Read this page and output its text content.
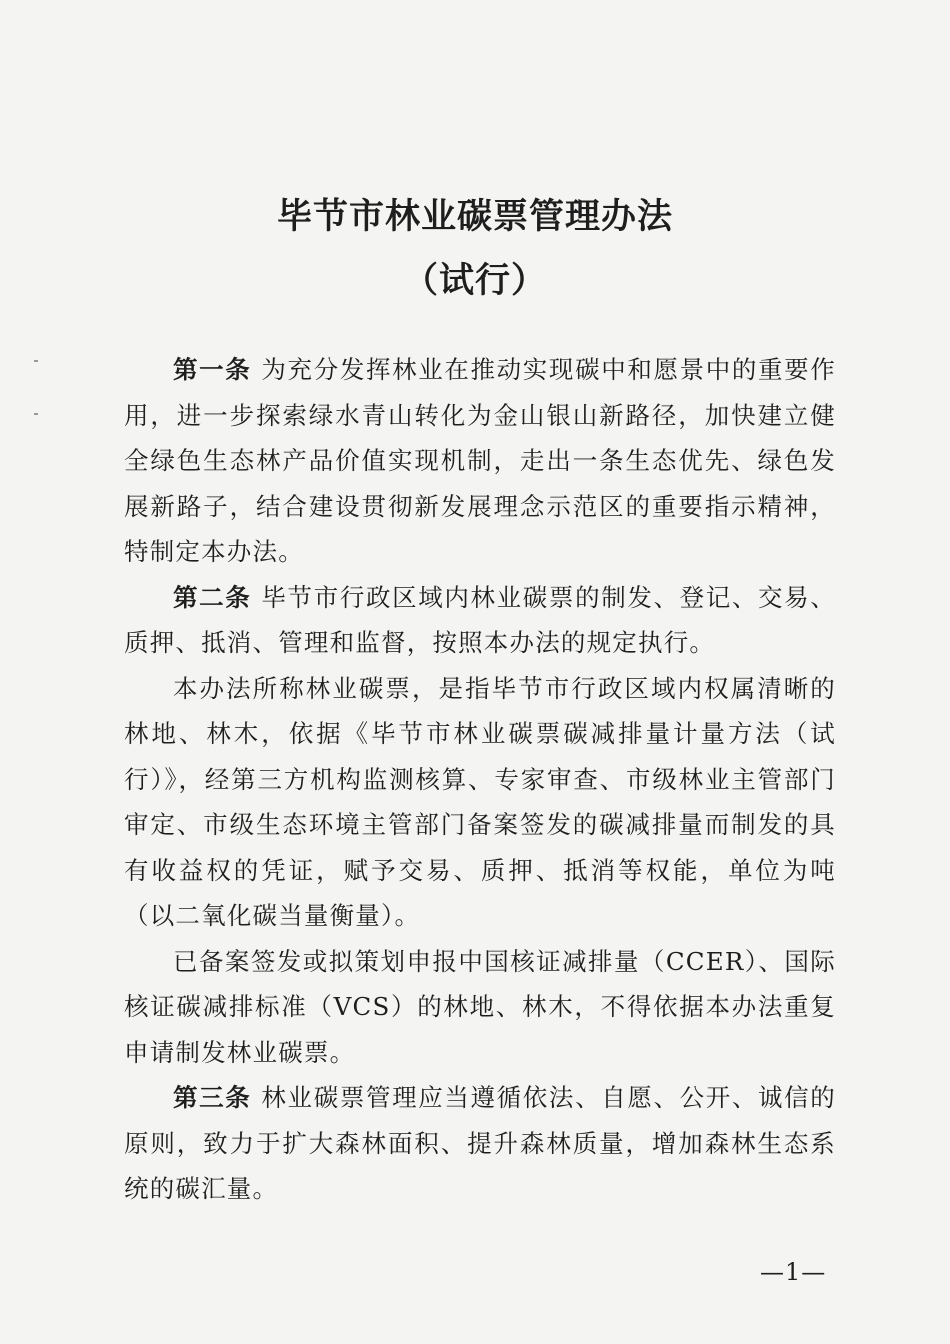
毕节市林业碳票管理办法
（试行）

第一条 为充分发挥林业在推动实现碳中和愿景中的重要作用，进一步探索绿水青山转化为金山银山新路径，加快建立健全绿色生态林产品价值实现机制，走出一条生态优先、绿色发展新路子，结合建设贯彻新发展理念示范区的重要指示精神，特制定本办法。

第二条 毕节市行政区域内林业碳票的制发、登记、交易、质押、抵消、管理和监督，按照本办法的规定执行。

本办法所称林业碳票，是指毕节市行政区域内权属清晰的林地、林木，依据《毕节市林业碳票碳减排量计量方法（试行）》，经第三方机构监测核算、专家审查、市级林业主管部门审定、市级生态环境主管部门备案签发的碳减排量而制发的具有收益权的凭证，赋予交易、质押、抵消等权能，单位为吨（以二氧化碳当量衡量）。

已备案签发或拟策划申报中国核证减排量（CCER）、国际核证碳减排标准（VCS）的林地、林木，不得依据本办法重复申请制发林业碳票。

第三条 林业碳票管理应当遵循依法、自愿、公开、诚信的原则，致力于扩大森林面积、提升森林质量，增加森林生态系统的碳汇量。

—1—
